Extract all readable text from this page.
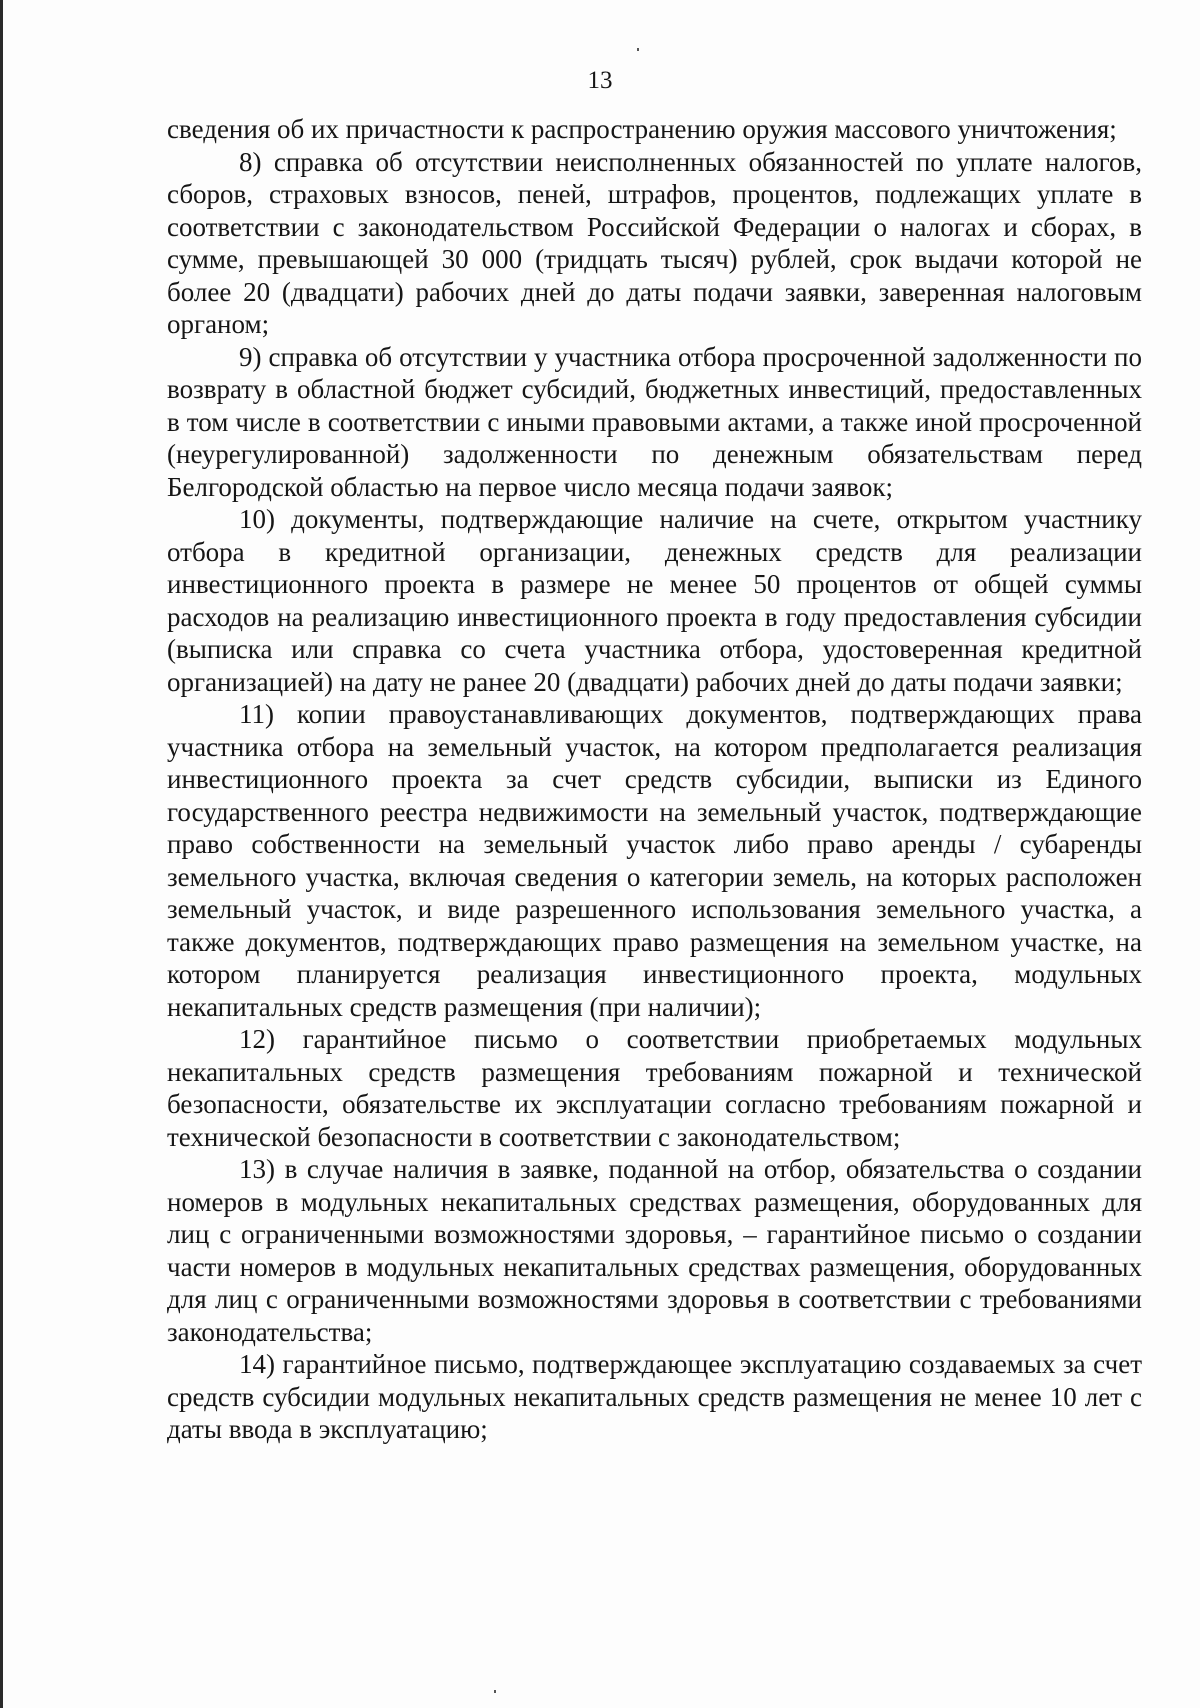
13

сведения об их причастности к распространению оружия массового уничтожения;

8) справка об отсутствии неисполненных обязанностей по уплате налогов, сборов, страховых взносов, пеней, штрафов, процентов, подлежащих уплате в соответствии с законодательством Российской Федерации о налогах и сборах, в сумме, превышающей 30 000 (тридцать тысяч) рублей, срок выдачи которой не более 20 (двадцати) рабочих дней до даты подачи заявки, заверенная налоговым органом;

9) справка об отсутствии у участника отбора просроченной задолженности по возврату в областной бюджет субсидий, бюджетных инвестиций, предоставленных в том числе в соответствии с иными правовыми актами, а также иной просроченной (неурегулированной) задолженности по денежным обязательствам перед Белгородской областью на первое число месяца подачи заявок;

10) документы, подтверждающие наличие на счете, открытом участнику отбора в кредитной организации, денежных средств для реализации инвестиционного проекта в размере не менее 50 процентов от общей суммы расходов на реализацию инвестиционного проекта в году предоставления субсидии (выписка или справка со счета участника отбора, удостоверенная кредитной организацией) на дату не ранее 20 (двадцати) рабочих дней до даты подачи заявки;

11) копии правоустанавливающих документов, подтверждающих права участника отбора на земельный участок, на котором предполагается реализация инвестиционного проекта за счет средств субсидии, выписки из Единого государственного реестра недвижимости на земельный участок, подтверждающие право собственности на земельный участок либо право аренды / субаренды земельного участка, включая сведения о категории земель, на которых расположен земельный участок, и виде разрешенного использования земельного участка, а также документов, подтверждающих право размещения на земельном участке, на котором планируется реализация инвестиционного проекта, модульных некапитальных средств размещения (при наличии);

12) гарантийное письмо о соответствии приобретаемых модульных некапитальных средств размещения требованиям пожарной и технической безопасности, обязательстве их эксплуатации согласно требованиям пожарной и технической безопасности в соответствии с законодательством;

13) в случае наличия в заявке, поданной на отбор, обязательства о создании номеров в модульных некапитальных средствах размещения, оборудованных для лиц с ограниченными возможностями здоровья, – гарантийное письмо о создании части номеров в модульных некапитальных средствах размещения, оборудованных для лиц с ограниченными возможностями здоровья в соответствии с требованиями законодательства;

14) гарантийное письмо, подтверждающее эксплуатацию создаваемых за счет средств субсидии модульных некапитальных средств размещения не менее 10 лет с даты ввода в эксплуатацию;
